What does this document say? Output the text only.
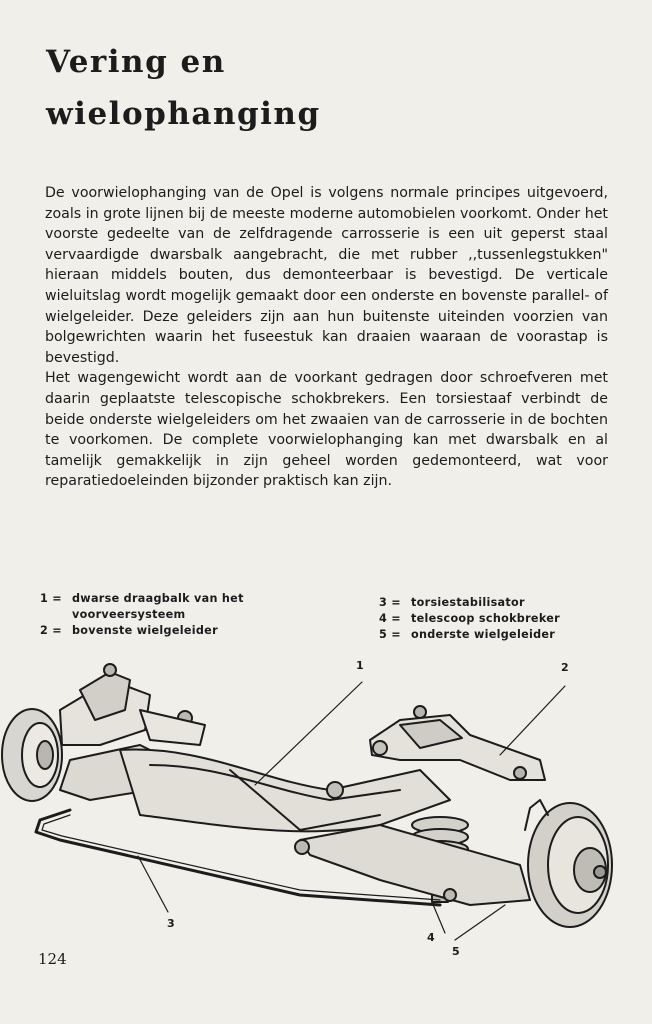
Vering en
wielophanging

De voorwielophanging van de Opel is volgens normale principes uitgevoerd, zoals in grote lijnen bij de meeste moderne automobielen voorkomt. Onder het voorste gedeelte van de zelfdragende carrosserie is een uit geperst staal vervaardigde dwarsbalk aangebracht, die met rubber ,,tussenlegstukken" hieraan middels bouten, dus demonteerbaar is bevestigd. De verticale wieluitslag wordt mogelijk gemaakt door een onderste en bovenste parallel- of wielgeleider. Deze geleiders zijn aan hun buitenste uiteinden voorzien van bolgewrichten waarin het fuseestuk kan draaien waaraan de voorastap is bevestigd.

Het wagengewicht wordt aan de voorkant gedragen door schroefveren met daarin geplaatste telescopische schokbrekers. Een torsiestaaf verbindt de beide onderste wielgeleiders om het zwaaien van de carrosserie in de bochten te voorkomen. De complete voorwielophanging kan met dwarsbalk en al tamelijk gemakkelijk in zijn geheel worden gedemonteerd, wat voor reparatiedoeleinden bijzonder praktisch kan zijn.

1 = dwarse draagbalk van het voorveersysteem
2 = bovenste wielgeleider
3 = torsiestabilisator
4 = telescoop schokbreker
5 = onderste wielgeleider
1	2
3
4
5
124
